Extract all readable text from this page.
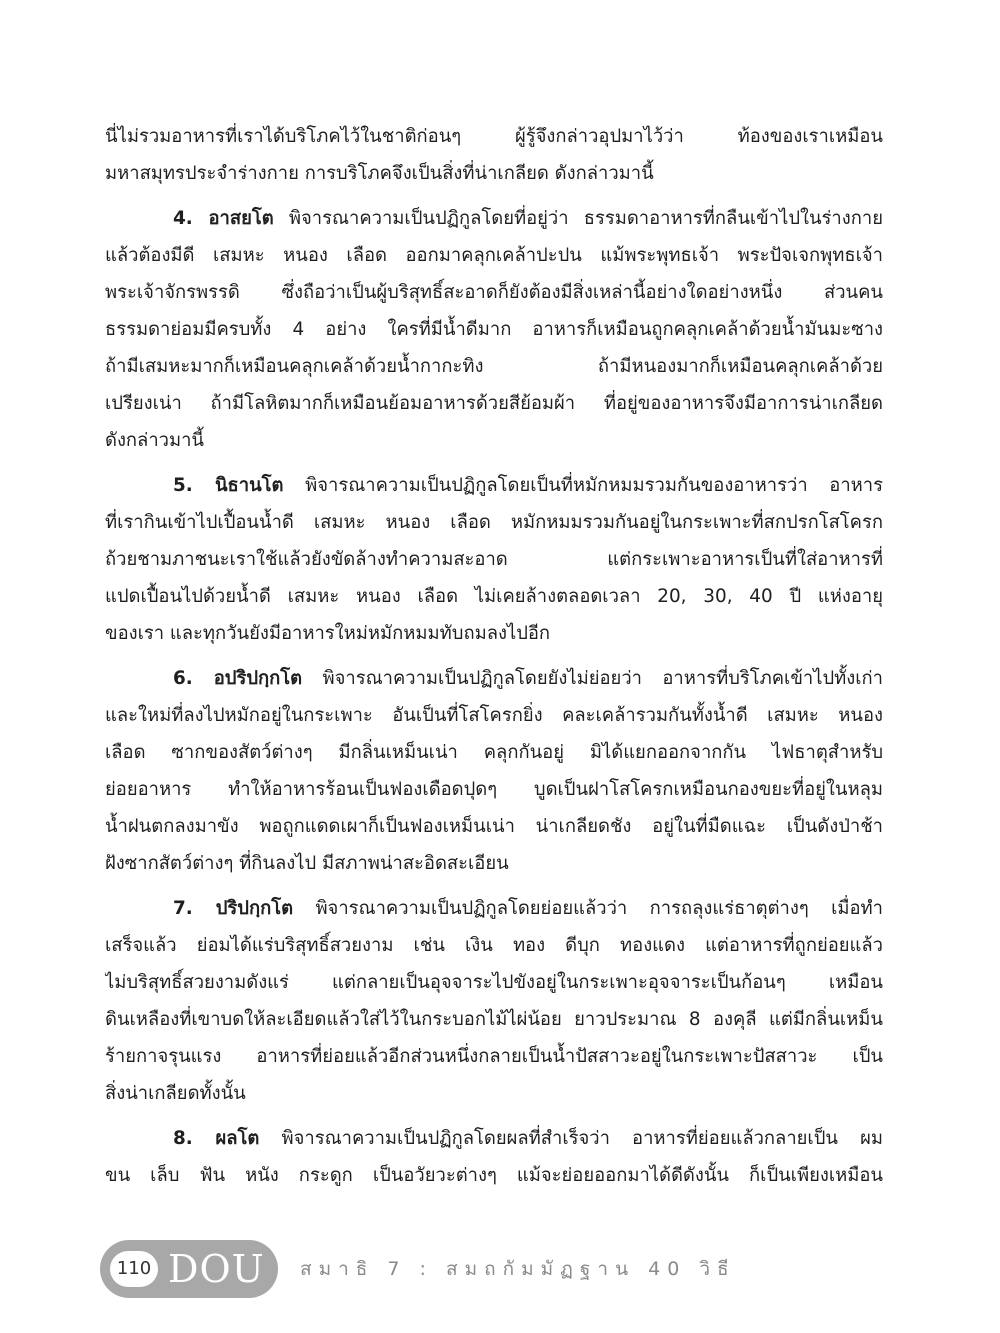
นี่ไม่รวมอาหารที่เราได้บริโภคไว้ในชาติก่อนๆ ผู้รู้จึงกล่าวอุปมาไว้ว่า ท้องของเราเหมือน
มหาสมุทรประจำร่างกาย การบริโภคจึงเป็นสิ่งที่น่าเกลียด ดังกล่าวมานี้
4. อาสยโต พิจารณาความเป็นปฏิกูลโดยที่อยู่ว่า ธรรมดาอาหารที่กลืนเข้าไปในร่างกาย
แล้วต้องมีดี เสมหะ หนอง เลือด ออกมาคลุกเคล้าปะปน แม้พระพุทธเจ้า พระปัจเจกพุทธเจ้า
พระเจ้าจักรพรรดิ ซึ่งถือว่าเป็นผู้บริสุทธิ์สะอาดก็ยังต้องมีสิ่งเหล่านี้อย่างใดอย่างหนึ่ง ส่วนคน
ธรรมดาย่อมมีครบทั้ง 4 อย่าง ใครที่มีน้ำดีมาก อาหารก็เหมือนถูกคลุกเคล้าด้วยน้ำมันมะซาง
ถ้ามีเสมหะมากก็เหมือนคลุกเคล้าด้วยน้ำกากะทิง ถ้ามีหนองมากก็เหมือนคลุกเคล้าด้วย
เปรียงเน่า ถ้ามีโลหิตมากก็เหมือนย้อมอาหารด้วยสีย้อมผ้า ที่อยู่ของอาหารจึงมีอาการน่าเกลียด
ดังกล่าวมานี้
5. นิธานโต พิจารณาความเป็นปฏิกูลโดยเป็นที่หมักหมมรวมกันของอาหารว่า อาหาร
ที่เรากินเข้าไปเปื้อนน้ำดี เสมหะ หนอง เลือด หมักหมมรวมกันอยู่ในกระเพาะที่สกปรกโสโครก
ถ้วยชามภาชนะเราใช้แล้วยังขัดล้างทำความสะอาด แต่กระเพาะอาหารเป็นที่ใส่อาหารที่
แปดเปื้อนไปด้วยน้ำดี เสมหะ หนอง เลือด ไม่เคยล้างตลอดเวลา 20, 30, 40 ปี แห่งอายุ
ของเรา และทุกวันยังมีอาหารใหม่หมักหมมทับถมลงไปอีก
6. อปริปกฺกโต พิจารณาความเป็นปฏิกูลโดยยังไม่ย่อยว่า อาหารที่บริโภคเข้าไปทั้งเก่า
และใหม่ที่ลงไปหมักอยู่ในกระเพาะ อันเป็นที่โสโครกยิ่ง คละเคล้ารวมกันทั้งน้ำดี เสมหะ หนอง
เลือด ซากของสัตว์ต่างๆ มีกลิ่นเหม็นเน่า คลุกกันอยู่ มิได้แยกออกจากกัน ไฟธาตุสำหรับ
ย่อยอาหาร ทำให้อาหารร้อนเป็นฟองเดือดปุดๆ บูดเป็นฝาโสโครกเหมือนกองขยะที่อยู่ในหลุม
น้ำฝนตกลงมาขัง พอถูกแดดเผาก็เป็นฟองเหม็นเน่า น่าเกลียดชัง อยู่ในที่มืดแฉะ เป็นดังป่าช้า
ฝังซากสัตว์ต่างๆ ที่กินลงไป มีสภาพน่าสะอิดสะเอียน
7. ปริปกฺกโต พิจารณาความเป็นปฏิกูลโดยย่อยแล้วว่า การถลุงแร่ธาตุต่างๆ เมื่อทำ
เสร็จแล้ว ย่อมได้แร่บริสุทธิ์สวยงาม เช่น เงิน ทอง ดีบุก ทองแดง แต่อาหารที่ถูกย่อยแล้ว
ไม่บริสุทธิ์สวยงามดังแร่ แต่กลายเป็นอุจจาระไปขังอยู่ในกระเพาะอุจจาระเป็นก้อนๆ เหมือน
ดินเหลืองที่เขาบดให้ละเอียดแล้วใส่ไว้ในกระบอกไม้ไผ่น้อย ยาวประมาณ 8 องคุลี แต่มีกลิ่นเหม็น
ร้ายกาจรุนแรง อาหารที่ย่อยแล้วอีกส่วนหนึ่งกลายเป็นน้ำปัสสาวะอยู่ในกระเพาะปัสสาวะ เป็น
สิ่งน่าเกลียดทั้งนั้น
8. ผลโต พิจารณาความเป็นปฏิกูลโดยผลที่สำเร็จว่า อาหารที่ย่อยแล้วกลายเป็น ผม
ขน เล็บ ฟัน หนัง กระดูก เป็นอวัยวะต่างๆ แม้จะย่อยออกมาได้ดีดังนั้น ก็เป็นเพียงเหมือน
110 DOU สมาธิ 7 : สมถกัมมัฏฐาน 40 วิธี
